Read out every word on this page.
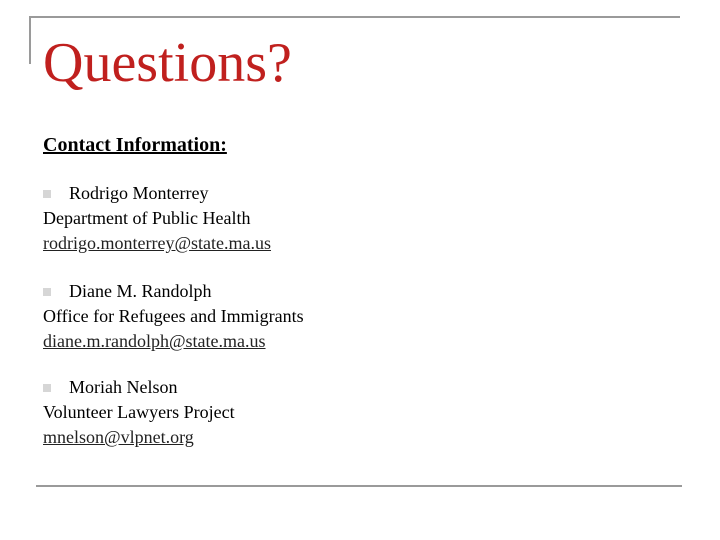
Questions?
Contact Information:
Rodrigo Monterrey
Department of Public Health
rodrigo.monterrey@state.ma.us
Diane M. Randolph
Office for Refugees and Immigrants
diane.m.randolph@state.ma.us
Moriah Nelson
Volunteer Lawyers Project
mnelson@vlpnet.org
